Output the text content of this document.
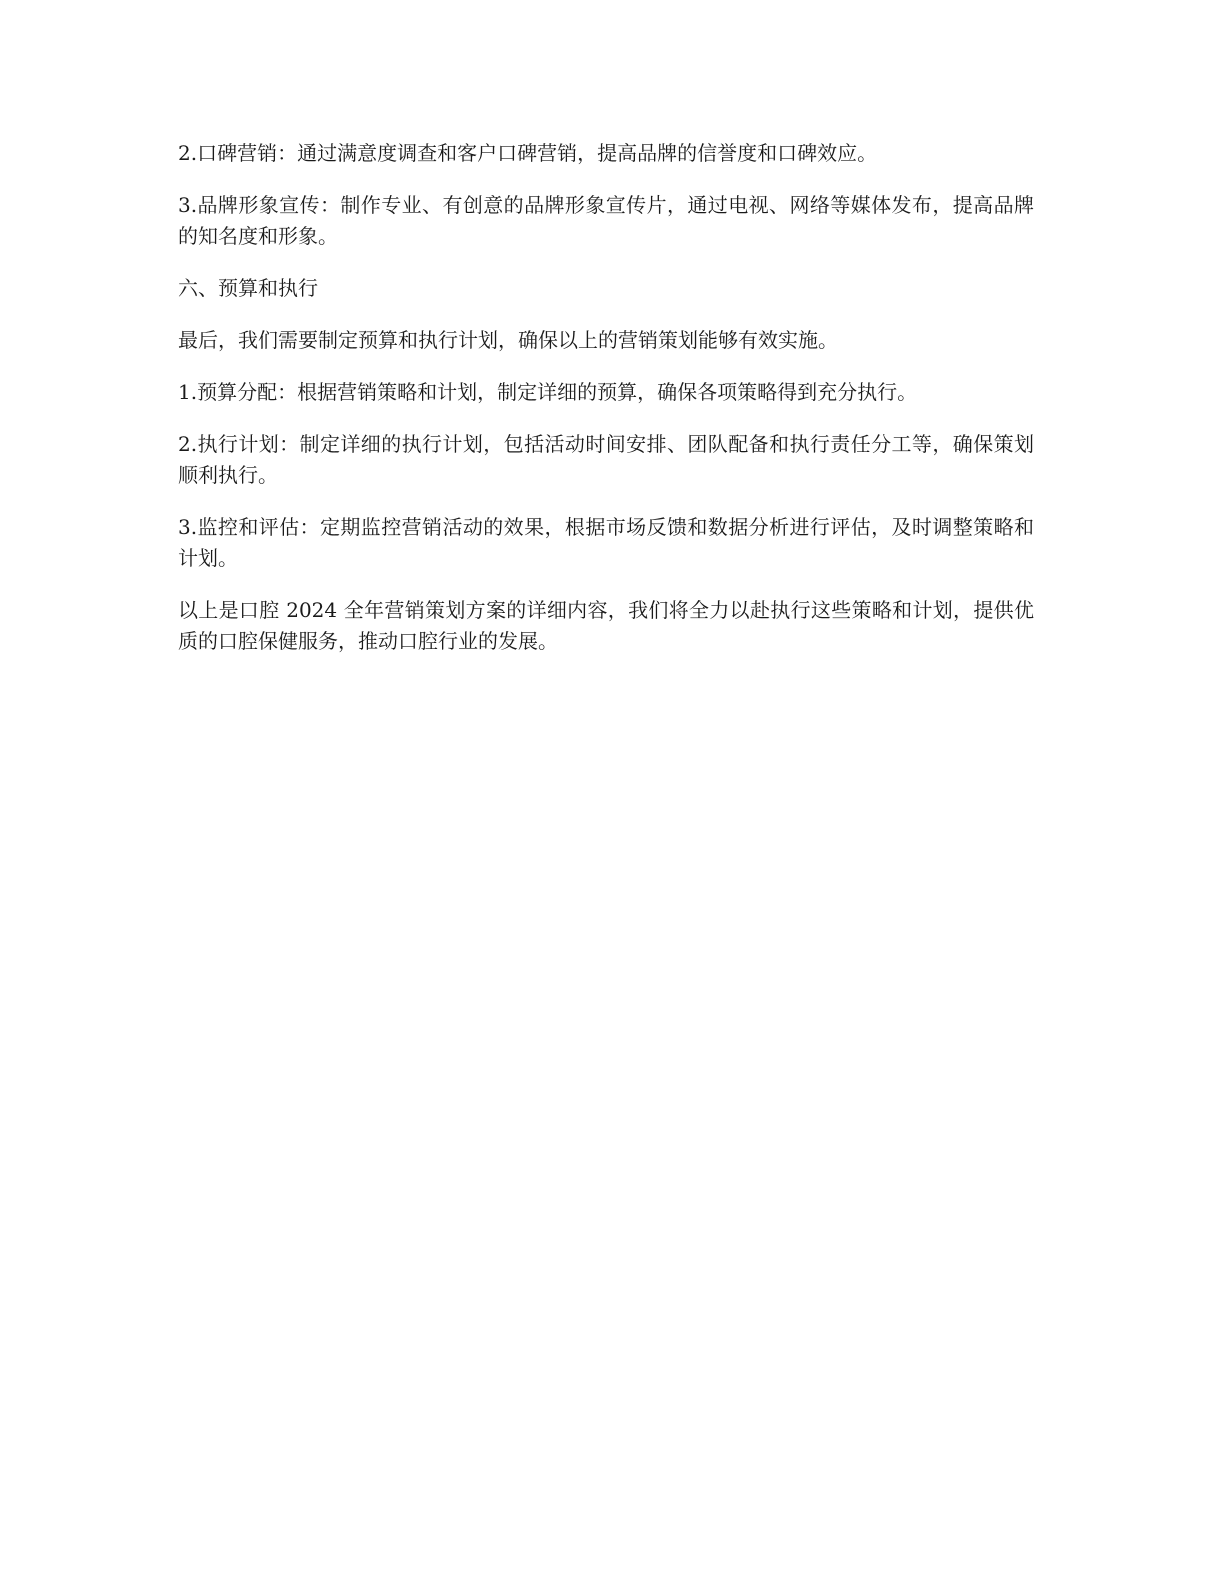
2.口碑营销：通过满意度调查和客户口碑营销，提高品牌的信誉度和口碑效应。

3.品牌形象宣传：制作专业、有创意的品牌形象宣传片，通过电视、网络等媒体发布，提高品牌的知名度和形象。

六、预算和执行

最后，我们需要制定预算和执行计划，确保以上的营销策划能够有效实施。

1.预算分配：根据营销策略和计划，制定详细的预算，确保各项策略得到充分执行。

2.执行计划：制定详细的执行计划，包括活动时间安排、团队配备和执行责任分工等，确保策划顺利执行。

3.监控和评估：定期监控营销活动的效果，根据市场反馈和数据分析进行评估，及时调整策略和计划。

以上是口腔 2024 全年营销策划方案的详细内容，我们将全力以赴执行这些策略和计划，提供优质的口腔保健服务，推动口腔行业的发展。
